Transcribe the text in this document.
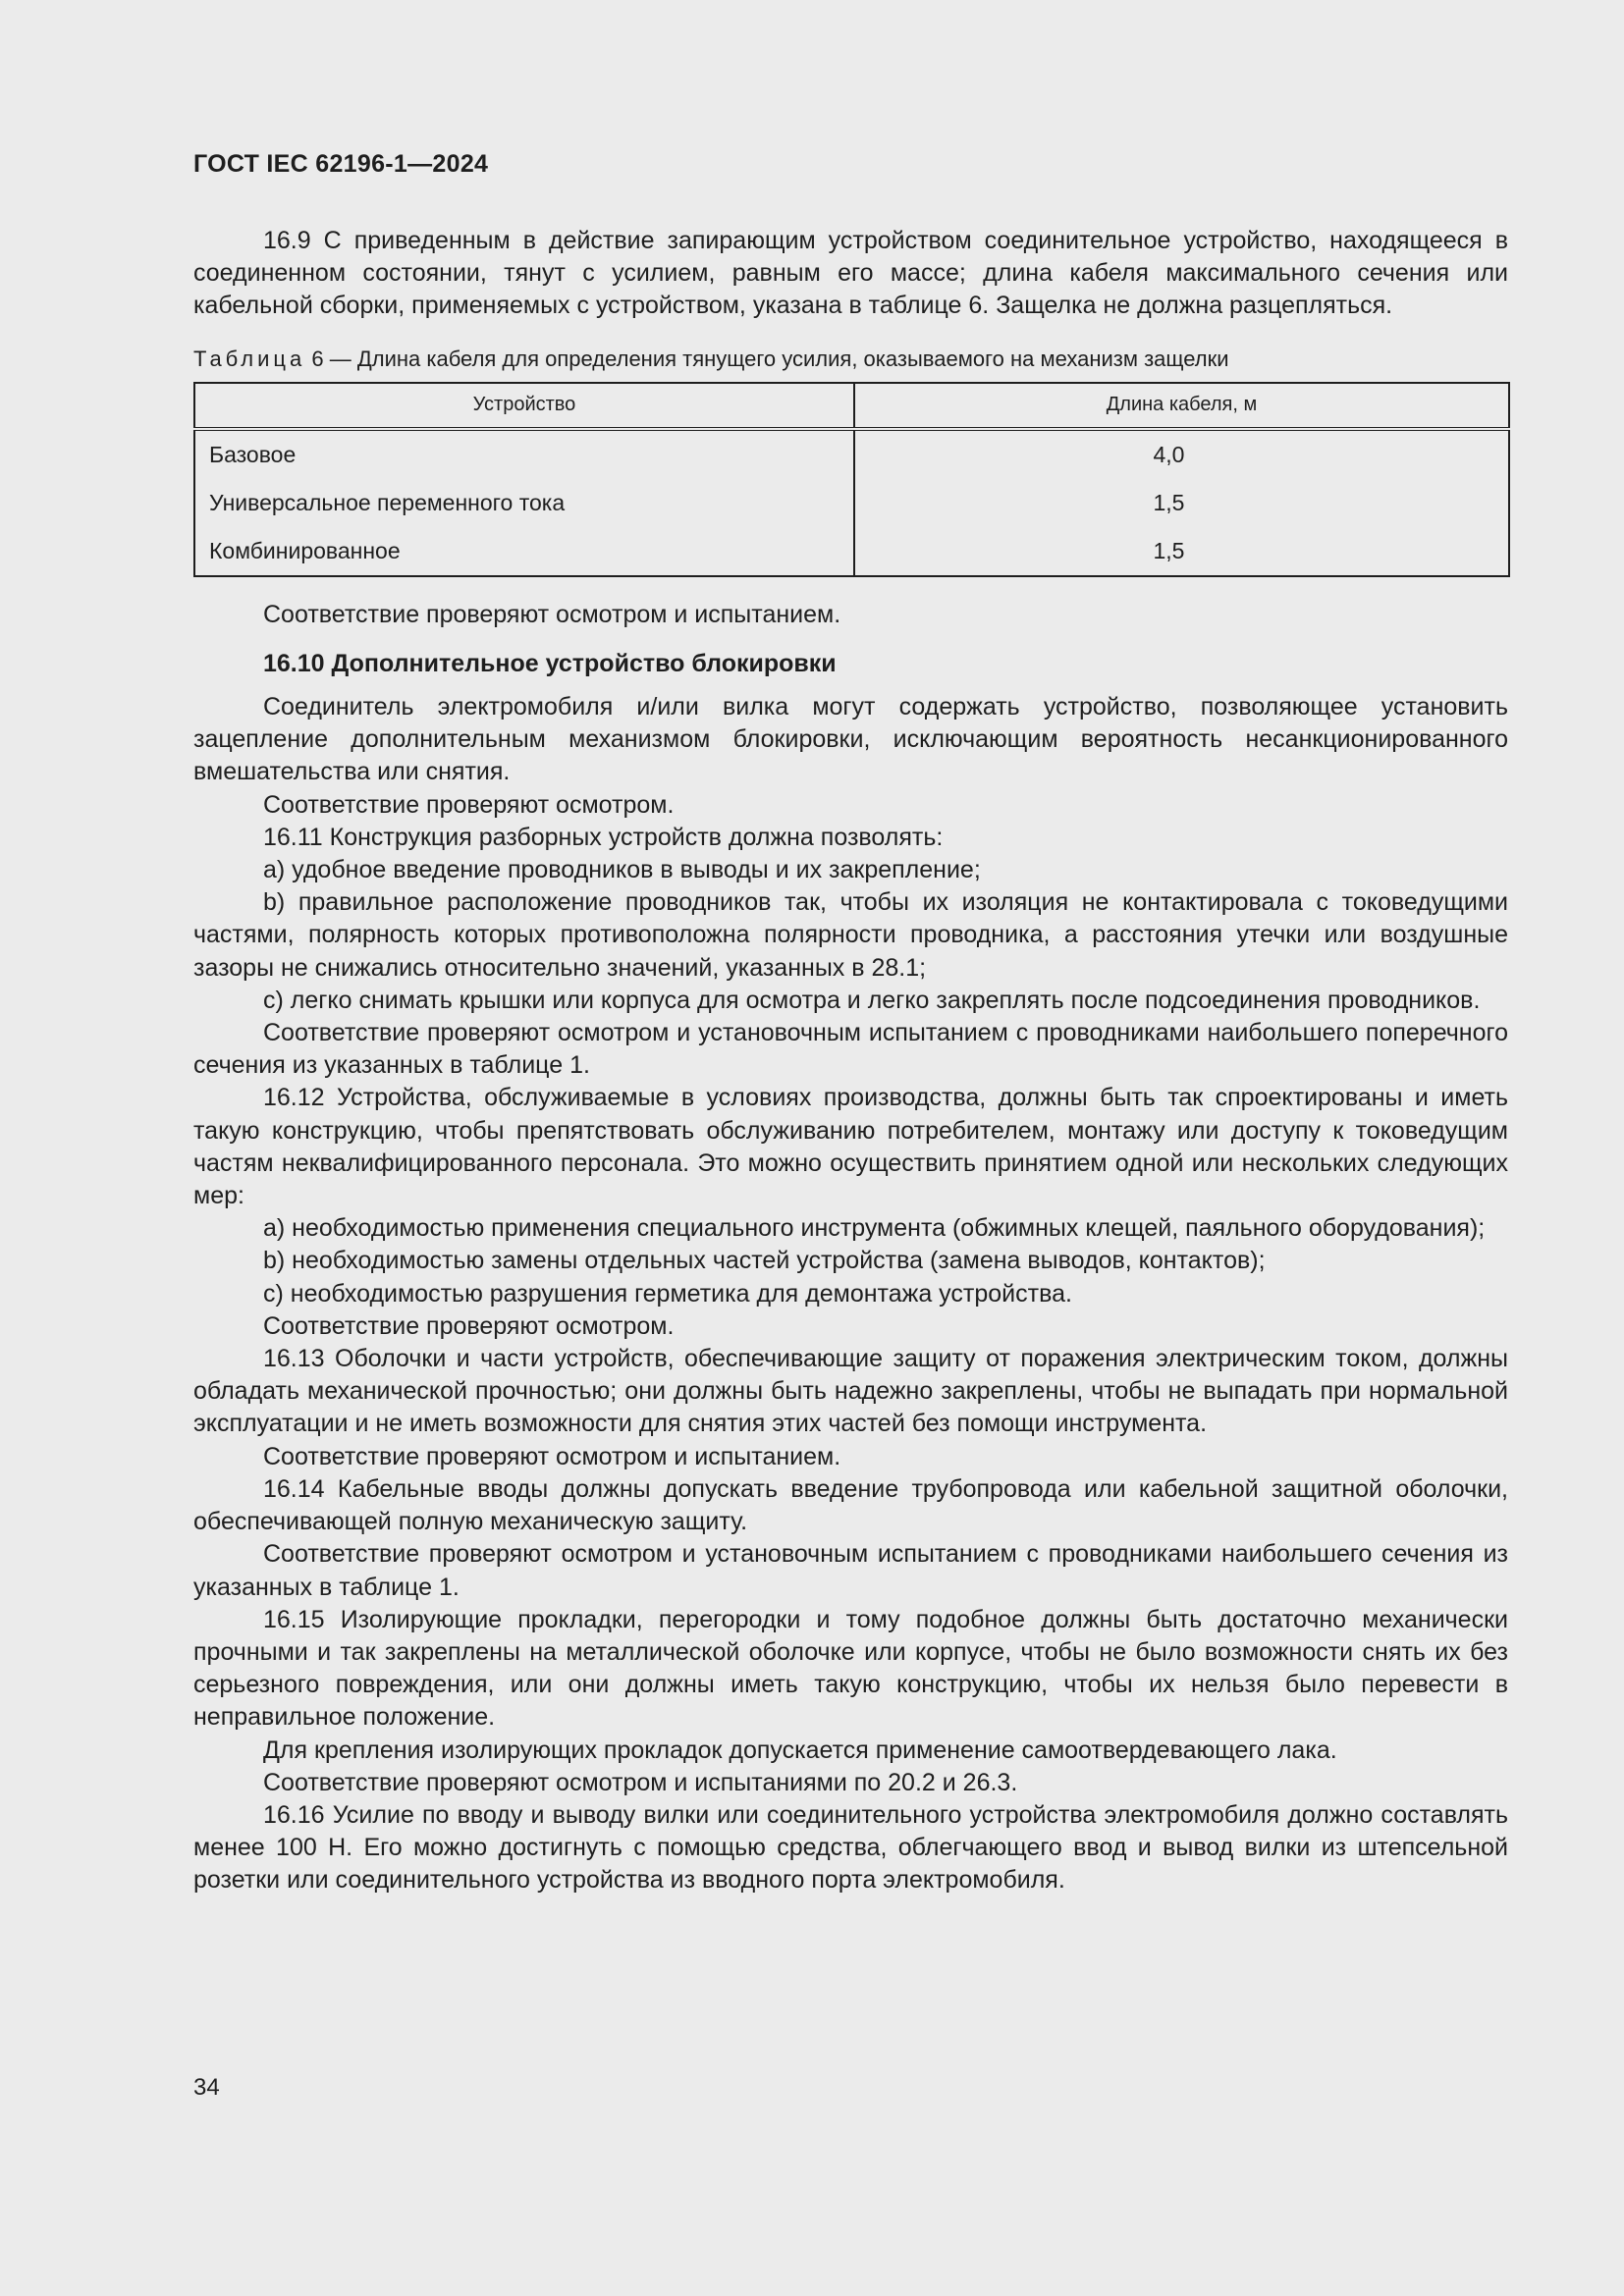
ГОСТ IEC 62196-1—2024

16.9 С приведенным в действие запирающим устройством соединительное устройство, находящееся в соединенном состоянии, тянут с усилием, равным его массе; длина кабеля максимального сечения или кабельной сборки, применяемых с устройством, указана в таблице 6. Защелка не должна разцепляться.

Таблица 6 — Длина кабеля для определения тянущего усилия, оказываемого на механизм защелки
Устройство	Длина кабеля, м
Базовое	4,0
Универсальное переменного тока	1,5
Комбинированное	1,5

Соответствие проверяют осмотром и испытанием.

16.10 Дополнительное устройство блокировки

Соединитель электромобиля и/или вилка могут содержать устройство, позволяющее установить зацепление дополнительным механизмом блокировки, исключающим вероятность несанкционированного вмешательства или снятия.

Соответствие проверяют осмотром.

16.11 Конструкция разборных устройств должна позволять:

a) удобное введение проводников в выводы и их закрепление;

b) правильное расположение проводников так, чтобы их изоляция не контактировала с токоведущими частями, полярность которых противоположна полярности проводника, а расстояния утечки или воздушные зазоры не снижались относительно значений, указанных в 28.1;

c) легко снимать крышки или корпуса для осмотра и легко закреплять после подсоединения проводников.

Соответствие проверяют осмотром и установочным испытанием с проводниками наибольшего поперечного сечения из указанных в таблице 1.

16.12 Устройства, обслуживаемые в условиях производства, должны быть так спроектированы и иметь такую конструкцию, чтобы препятствовать обслуживанию потребителем, монтажу или доступу к токоведущим частям неквалифицированного персонала. Это можно осуществить принятием одной или нескольких следующих мер:

a) необходимостью применения специального инструмента (обжимных клещей, паяльного оборудования);

b) необходимостью замены отдельных частей устройства (замена выводов, контактов);

c) необходимостью разрушения герметика для демонтажа устройства.

Соответствие проверяют осмотром.

16.13 Оболочки и части устройств, обеспечивающие защиту от поражения электрическим током, должны обладать механической прочностью; они должны быть надежно закреплены, чтобы не выпадать при нормальной эксплуатации и не иметь возможности для снятия этих частей без помощи инструмента.

Соответствие проверяют осмотром и испытанием.

16.14 Кабельные вводы должны допускать введение трубопровода или кабельной защитной оболочки, обеспечивающей полную механическую защиту.

Соответствие проверяют осмотром и установочным испытанием с проводниками наибольшего сечения из указанных в таблице 1.

16.15 Изолирующие прокладки, перегородки и тому подобное должны быть достаточно механически прочными и так закреплены на металлической оболочке или корпусе, чтобы не было возможности снять их без серьезного повреждения, или они должны иметь такую конструкцию, чтобы их нельзя было перевести в неправильное положение.

Для крепления изолирующих прокладок допускается применение самоотвердевающего лака.

Соответствие проверяют осмотром и испытаниями по 20.2 и 26.3.

16.16 Усилие по вводу и выводу вилки или соединительного устройства электромобиля должно составлять менее 100 Н. Его можно достигнуть с помощью средства, облегчающего ввод и вывод вилки из штепсельной розетки или соединительного устройства из вводного порта электромобиля.

34
